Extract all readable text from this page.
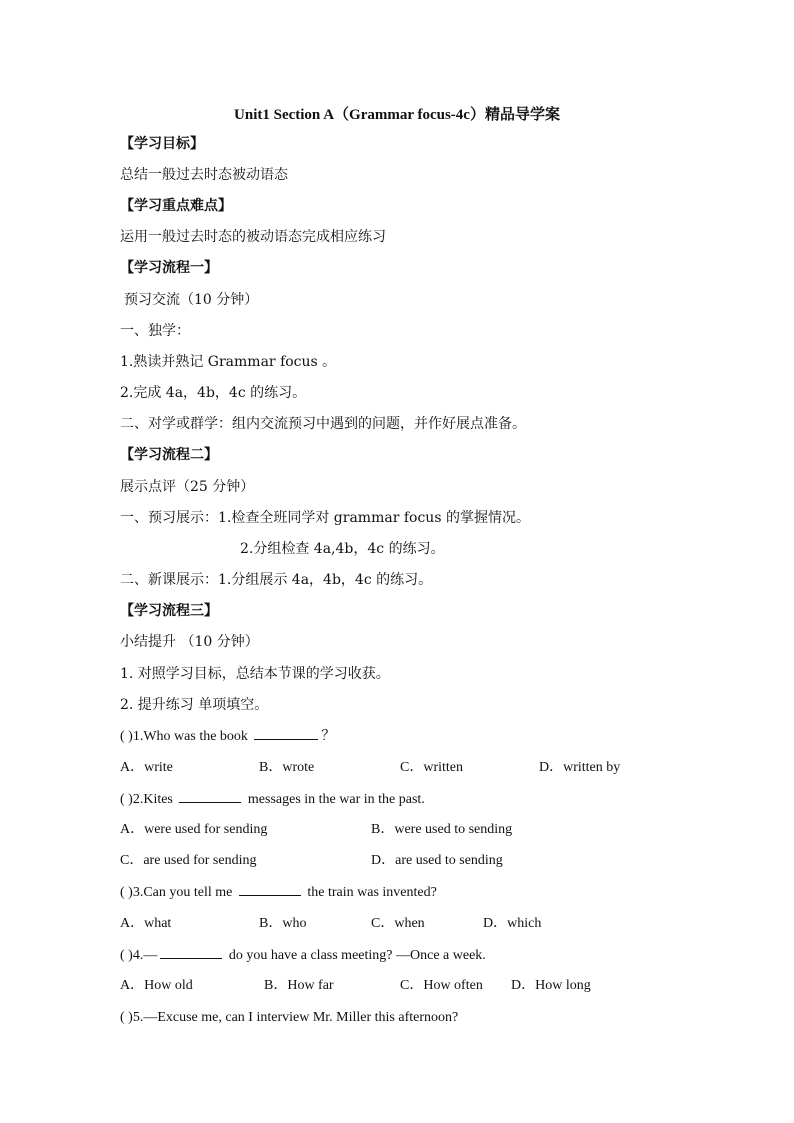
Unit1 Section A（Grammar focus-4c）精品导学案
【学习目标】
总结一般过去时态被动语态
【学习重点难点】
运用一般过去时态的被动语态完成相应练习
【学习流程一】
预习交流（10 分钟）
一、独学：
1.熟读并熟记 Grammar focus 。
2.完成 4a，4b，4c 的练习。
二、对学或群学：组内交流预习中遇到的问题，并作好展点准备。
【学习流程二】
展示点评（25 分钟）
一、预习展示：1.检查全班同学对 grammar focus 的掌握情况。
2.分组检查 4a,4b，4c 的练习。
二、新课展示：1.分组展示 4a，4b，4c 的练习。
【学习流程三】
小结提升 （10 分钟）
1. 对照学习目标，总结本节课的学习收获。
2. 提升练习 单项填空。
( )1.Who was the book	？
A．write	B．wrote	C．written	D．written by
( )2.Kites	messages in the war in the past.
A．were used for sending	B．were used to sending
C．are used for sending	D．are used to sending
( )3.Can you tell me	the train was invented?
A．what	B．who	C．when	D．which
( )4.—	do you have a class meeting? —Once a week.
A．How old	B．How far	C．How often D．How long
( )5.—Excuse me, can I interview Mr. Miller this afternoon?
